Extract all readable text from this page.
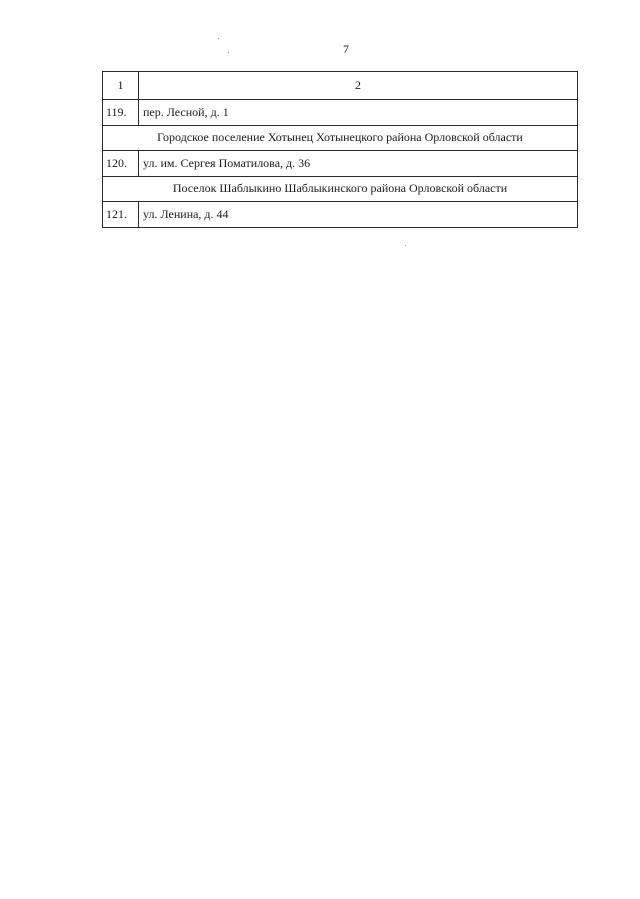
7
1	2
119.	пер. Лесной, д. 1
Городское поселение Хотынец Хотынецкого района Орловской области	
120.	ул. им. Сергея Поматилова, д. 36
Поселок Шаблыкино Шаблыкинского района Орловской области	
121.	ул. Ленина, д. 44
